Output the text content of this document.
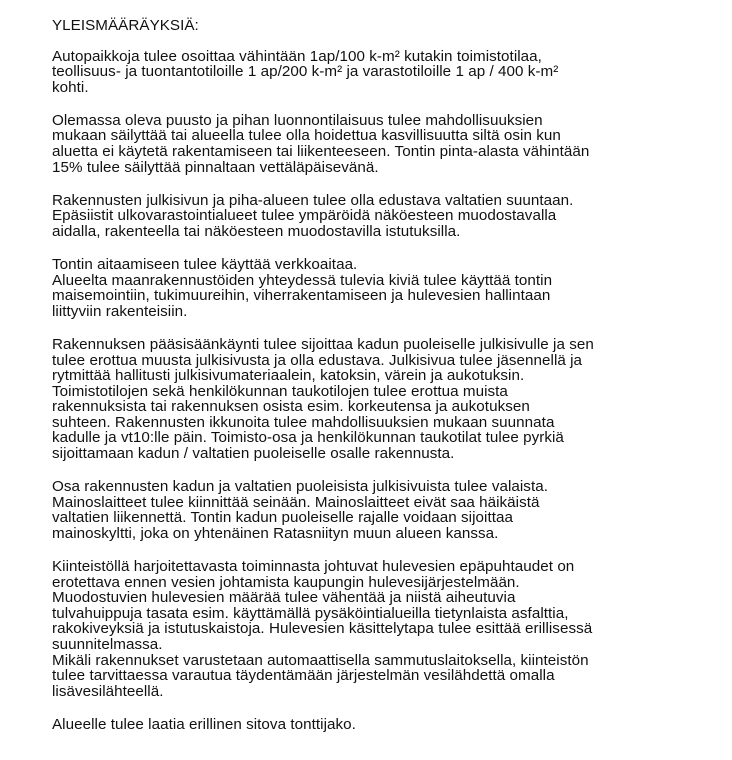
YLEISMÄÄRÄYKSIÄ:
Autopaikkoja tulee osoittaa vähintään 1ap/100 k-m² kutakin toimistotilaa,
teollisuus- ja tuontantotiloille 1 ap/200 k-m² ja varastotiloille 1 ap / 400 k-m²
kohti.
Olemassa oleva puusto ja pihan luonnontilaisuus tulee mahdollisuuksien
mukaan säilyttää tai alueella tulee olla hoidettua kasvillisuutta siltä osin kun
aluetta ei käytetä rakentamiseen tai liikenteeseen. Tontin pinta-alasta vähintään
15% tulee säilyttää pinnaltaan vettäläpäisevänä.
Rakennusten julkisivun ja piha-alueen tulee olla edustava valtatien suuntaan.
Epäsiistit ulkovarastointialueet tulee ympäröidä näköesteen muodostavalla
aidalla, rakenteella tai näköesteen muodostavilla istutuksilla.
Tontin aitaamiseen tulee käyttää verkkoaitaa.
Alueelta maanrakennustöiden yhteydessä tulevia kiviä tulee käyttää tontin
maisemointiin, tukimuureihin, viherrakentamiseen ja hulevesien hallintaan
liittyviin rakenteisiin.
Rakennuksen pääsisäänkäynti tulee sijoittaa kadun puoleiselle julkisivulle ja sen
tulee erottua muusta julkisivusta ja olla edustava. Julkisivua tulee jäsennellä ja
rytmittää hallitusti julkisivumateriaalein, katoksin, värein ja aukotuksin.
Toimistotilojen sekä henkilökunnan taukotilojen tulee erottua muista
rakennuksista tai rakennuksen osista esim. korkeutensa ja aukotuksen
suhteen. Rakennusten ikkunoita tulee mahdollisuuksien mukaan suunnata
kadulle ja vt10:lle päin. Toimisto-osa ja henkilökunnan taukotilat tulee pyrkiä
sijoittamaan kadun / valtatien puoleiselle osalle rakennusta.
Osa rakennusten kadun ja valtatien puoleisista julkisivuista tulee valaista.
Mainoslaitteet tulee kiinnittää seinään. Mainoslaitteet eivät saa häikäistä
valtatien liikennettä. Tontin kadun puoleiselle rajalle voidaan sijoittaa
mainoskyltti, joka on yhtenäinen Ratasniityn muun alueen kanssa.
Kiinteistöllä harjoitettavasta toiminnasta johtuvat hulevesien epäpuhtaudet on
erotettava ennen vesien johtamista kaupungin hulevesijärjestelmään.
Muodostuvien hulevesien määrää tulee vähentää ja niistä aiheutuvia
tulvahuippuja tasata esim. käyttämällä pysäköintialueilla tietynlaista asfalttia,
rakokiveyksiä ja istutuskaistoja. Hulevesien käsittelytapa tulee esittää erillisessä
suunnitelmassa.
Mikäli rakennukset varustetaan automaattisella sammutuslaitoksella, kiinteistön
tulee tarvittaessa varautua täydentämään järjestelmän vesilähdettä omalla
lisävesilähteellä.
Alueelle tulee laatia erillinen sitova tonttijako.
